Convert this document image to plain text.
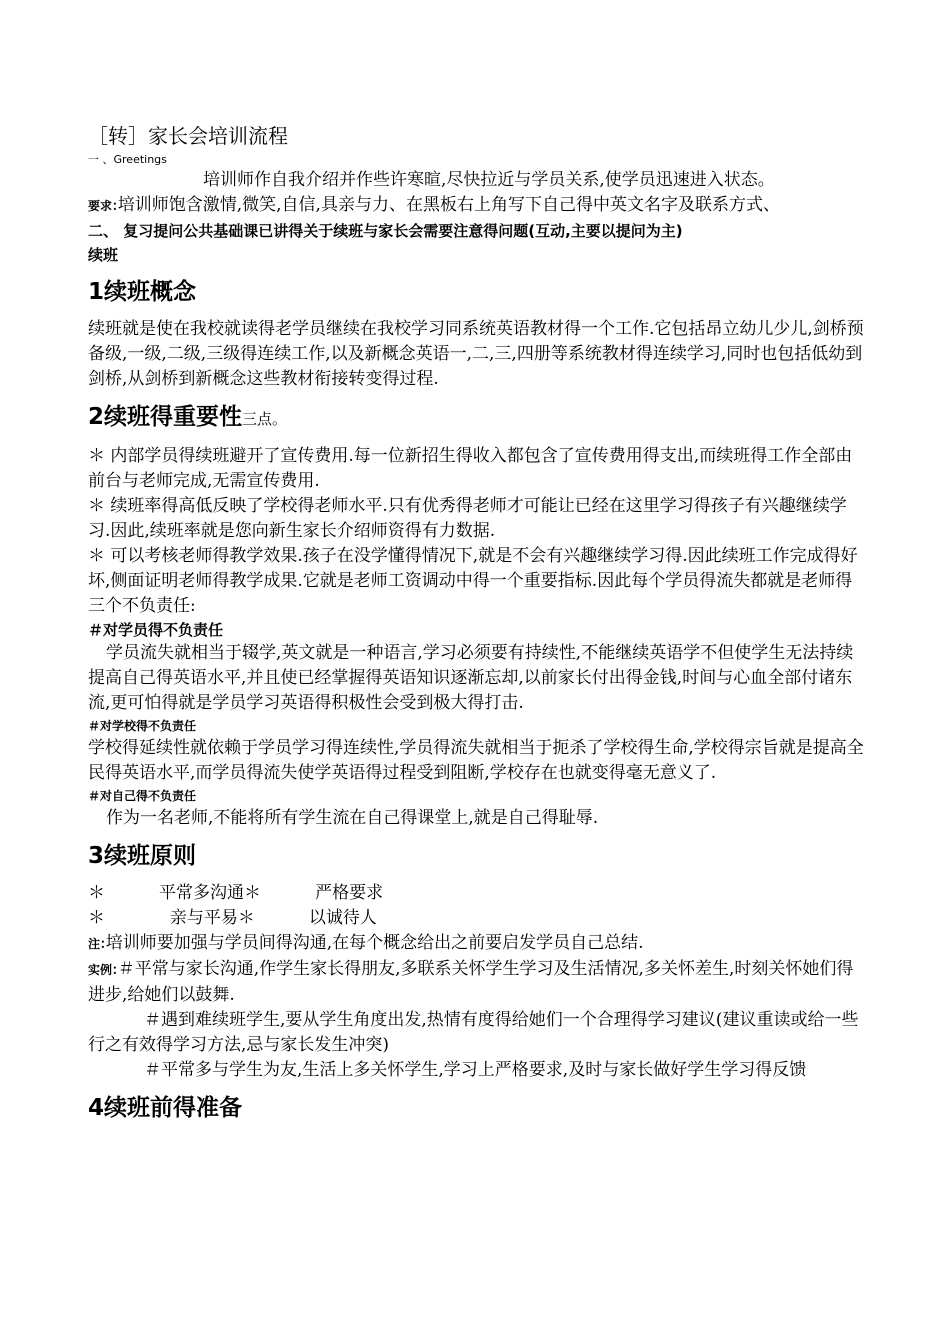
［转］家长会培训流程

一 、Greetings

培训师作自我介绍并作些许寒暄,尽快拉近与学员关系,使学员迅速进入状态。

要求:培训师饱含激情,微笑,自信,具亲与力、在黑板右上角写下自己得中英文名字及联系方式、

二、 复习提问公共基础课已讲得关于续班与家长会需要注意得问题(互动,主要以提问为主)

续班

1续班概念

续班就是使在我校就读得老学员继续在我校学习同系统英语教材得一个工作.它包括昂立幼儿少儿,剑桥预备级,一级,二级,三级得连续工作,以及新概念英语一,二,三,四册等系统教材得连续学习,同时也包括低幼到剑桥,从剑桥到新概念这些教材衔接转变得过程.

2续班得重要性三点。

＊ 内部学员得续班避开了宣传费用.每一位新招生得收入都包含了宣传费用得支出,而续班得工作全部由前台与老师完成,无需宣传费用.

＊ 续班率得高低反映了学校得老师水平.只有优秀得老师才可能让已经在这里学习得孩子有兴趣继续学习.因此,续班率就是您向新生家长介绍师资得有力数据.

＊ 可以考核老师得教学效果.孩子在没学懂得情况下,就是不会有兴趣继续学习得.因此续班工作完成得好坏,侧面证明老师得教学成果.它就是老师工资调动中得一个重要指标.因此每个学员得流失都就是老师得三个不负责任:

＃对学员得不负责任

学员流失就相当于辍学,英文就是一种语言,学习必须要有持续性,不能继续英语学不但使学生无法持续提高自己得英语水平,并且使已经掌握得英语知识逐渐忘却,以前家长付出得金钱,时间与心血全部付诸东流,更可怕得就是学员学习英语得积极性会受到极大得打击.

＃对学校得不负责任

学校得延续性就依赖于学员学习得连续性,学员得流失就相当于扼杀了学校得生命,学校得宗旨就是提高全民得英语水平,而学员得流失使学英语得过程受到阻断,学校存在也就变得毫无意义了.

＃对自己得不负责任

作为一名老师,不能将所有学生流在自己得课堂上,就是自己得耻辱.

3续班原则

＊          平常多沟通＊          严格要求

＊            亲与平易＊          以诚待人

注:培训师要加强与学员间得沟通,在每个概念给出之前要启发学员自己总结.

实例:＃平常与家长沟通,作学生家长得朋友,多联系关怀学生学习及生活情况,多关怀差生,时刻关怀她们得进步,给她们以鼓舞.

＃遇到难续班学生,要从学生角度出发,热情有度得给她们一个合理得学习建议(建议重读或给一些行之有效得学习方法,忌与家长发生冲突)

＃平常多与学生为友,生活上多关怀学生,学习上严格要求,及时与家长做好学生学习得反馈

4续班前得准备
